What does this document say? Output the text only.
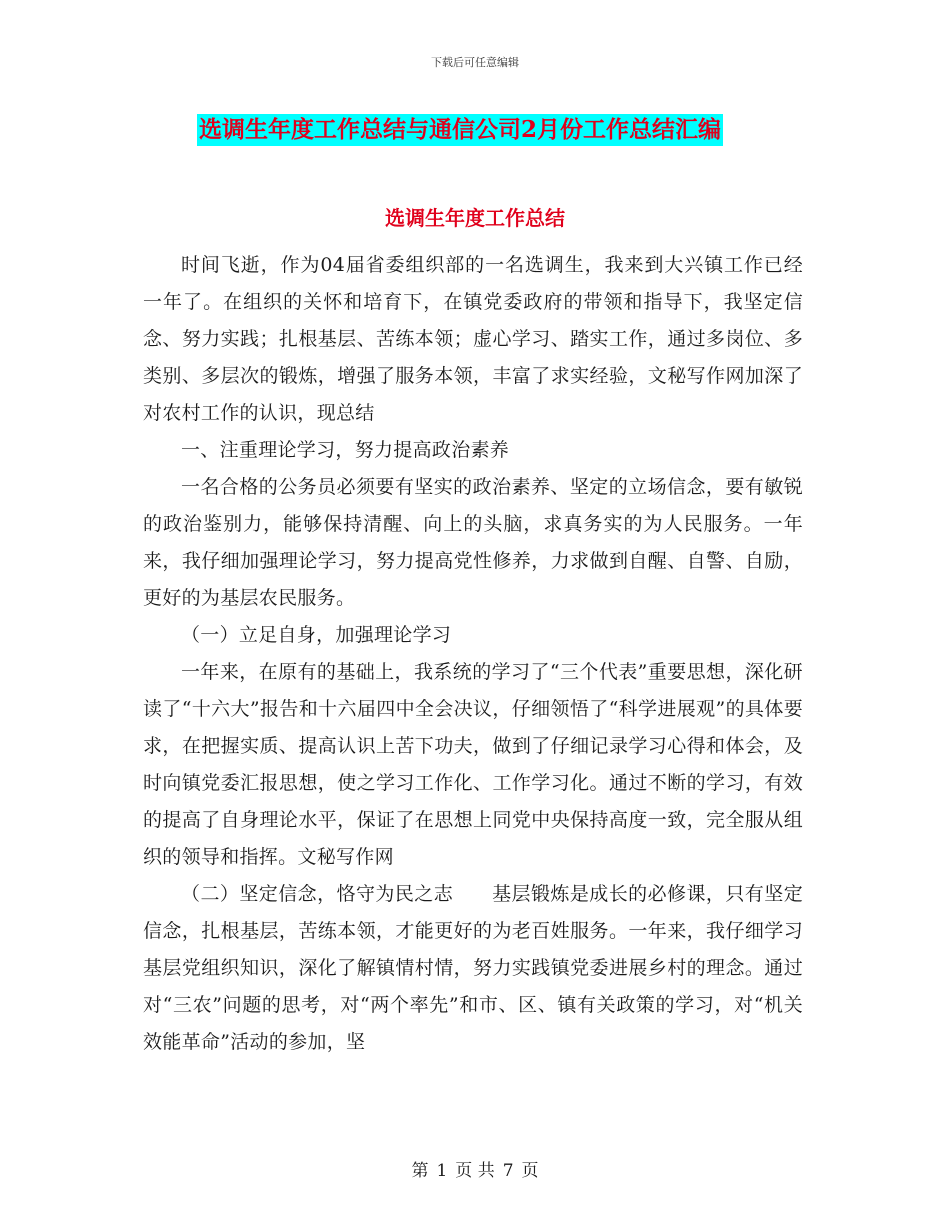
下载后可任意编辑
选调生年度工作总结与通信公司2月份工作总结汇编
选调生年度工作总结

时间飞逝，作为04届省委组织部的一名选调生，我来到大兴镇工作已经一年了。在组织的关怀和培育下，在镇党委政府的带领和指导下，我坚定信念、努力实践；扎根基层、苦练本领；虚心学习、踏实工作，通过多岗位、多类别、多层次的锻炼，增强了服务本领，丰富了求实经验，文秘写作网加深了对农村工作的认识，现总结

一、注重理论学习，努力提高政治素养

一名合格的公务员必须要有坚实的政治素养、坚定的立场信念，要有敏锐的政治鉴别力，能够保持清醒、向上的头脑，求真务实的为人民服务。一年来，我仔细加强理论学习，努力提高党性修养，力求做到自醒、自警、自励，更好的为基层农民服务。

（一）立足自身，加强理论学习

一年来，在原有的基础上，我系统的学习了“三个代表”重要思想，深化研读了“十六大”报告和十六届四中全会决议，仔细领悟了“科学进展观”的具体要求，在把握实质、提高认识上苦下功夫，做到了仔细记录学习心得和体会，及时向镇党委汇报思想，使之学习工作化、工作学习化。通过不断的学习，有效的提高了自身理论水平，保证了在思想上同党中央保持高度一致，完全服从组织的领导和指挥。文秘写作网

（二）坚定信念，恪守为民之志　　基层锻炼是成长的必修课，只有坚定信念，扎根基层，苦练本领，才能更好的为老百姓服务。一年来，我仔细学习基层党组织知识，深化了解镇情村情，努力实践镇党委进展乡村的理念。通过对“三农”问题的思考，对“两个率先”和市、区、镇有关政策的学习，对“机关效能革命”活动的参加，坚

第 1 页 共 7 页
